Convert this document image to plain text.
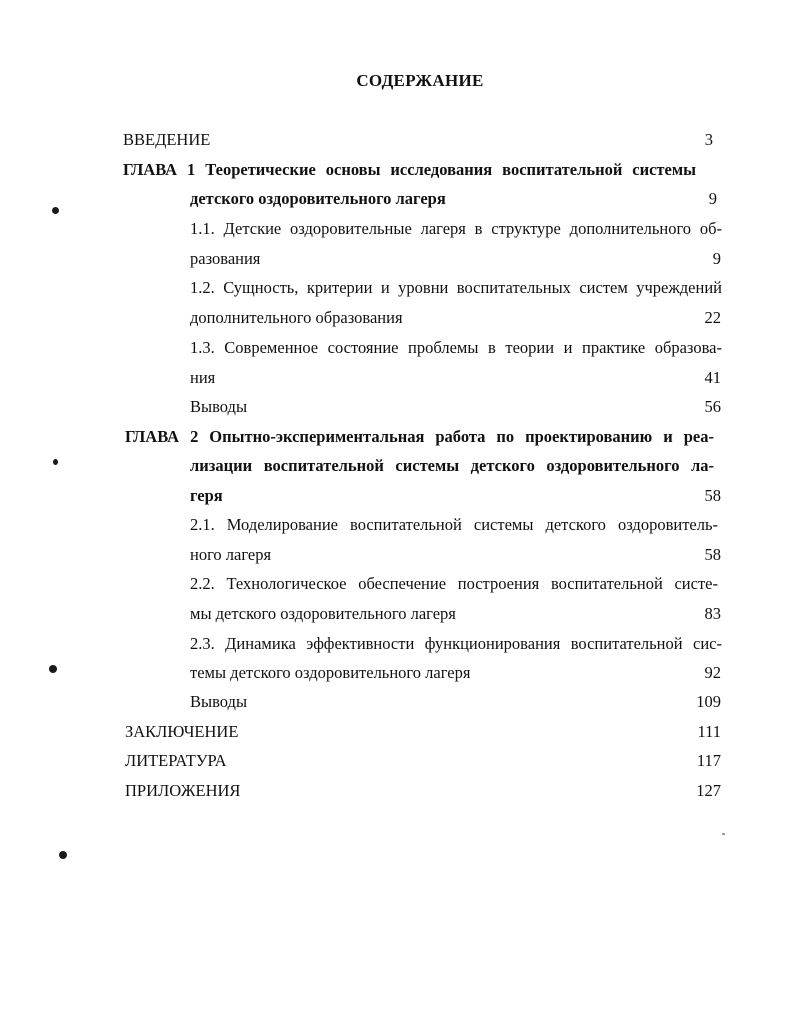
СОДЕРЖАНИЕ
ВВЕДЕНИЕ	3
ГЛАВА 1 Теоретические основы исследования воспитательной системы
детского оздоровительного лагеря	9
1.1. Детские оздоровительные лагеря в структуре дополнительного об-
разования	9
1.2. Сущность, критерии и уровни воспитательных систем учреждений
дополнительного образования	22
1.3. Современное состояние проблемы в теории и практике образова-
ния	41
Выводы	56
ГЛАВА 2 Опытно-экспериментальная работа по проектированию и реа-
лизации воспитательной системы детского оздоровительного ла-
геря	58
2.1. Моделирование воспитательной системы детского оздоровитель-
ного лагеря	58
2.2. Технологическое обеспечение построения воспитательной систе-
мы детского оздоровительного лагеря	83
2.3. Динамика эффективности функционирования воспитательной сис-
темы детского оздоровительного лагеря	92
Выводы	109
ЗАКЛЮЧЕНИЕ	111
ЛИТЕРАТУРА	117
ПРИЛОЖЕНИЯ	127
